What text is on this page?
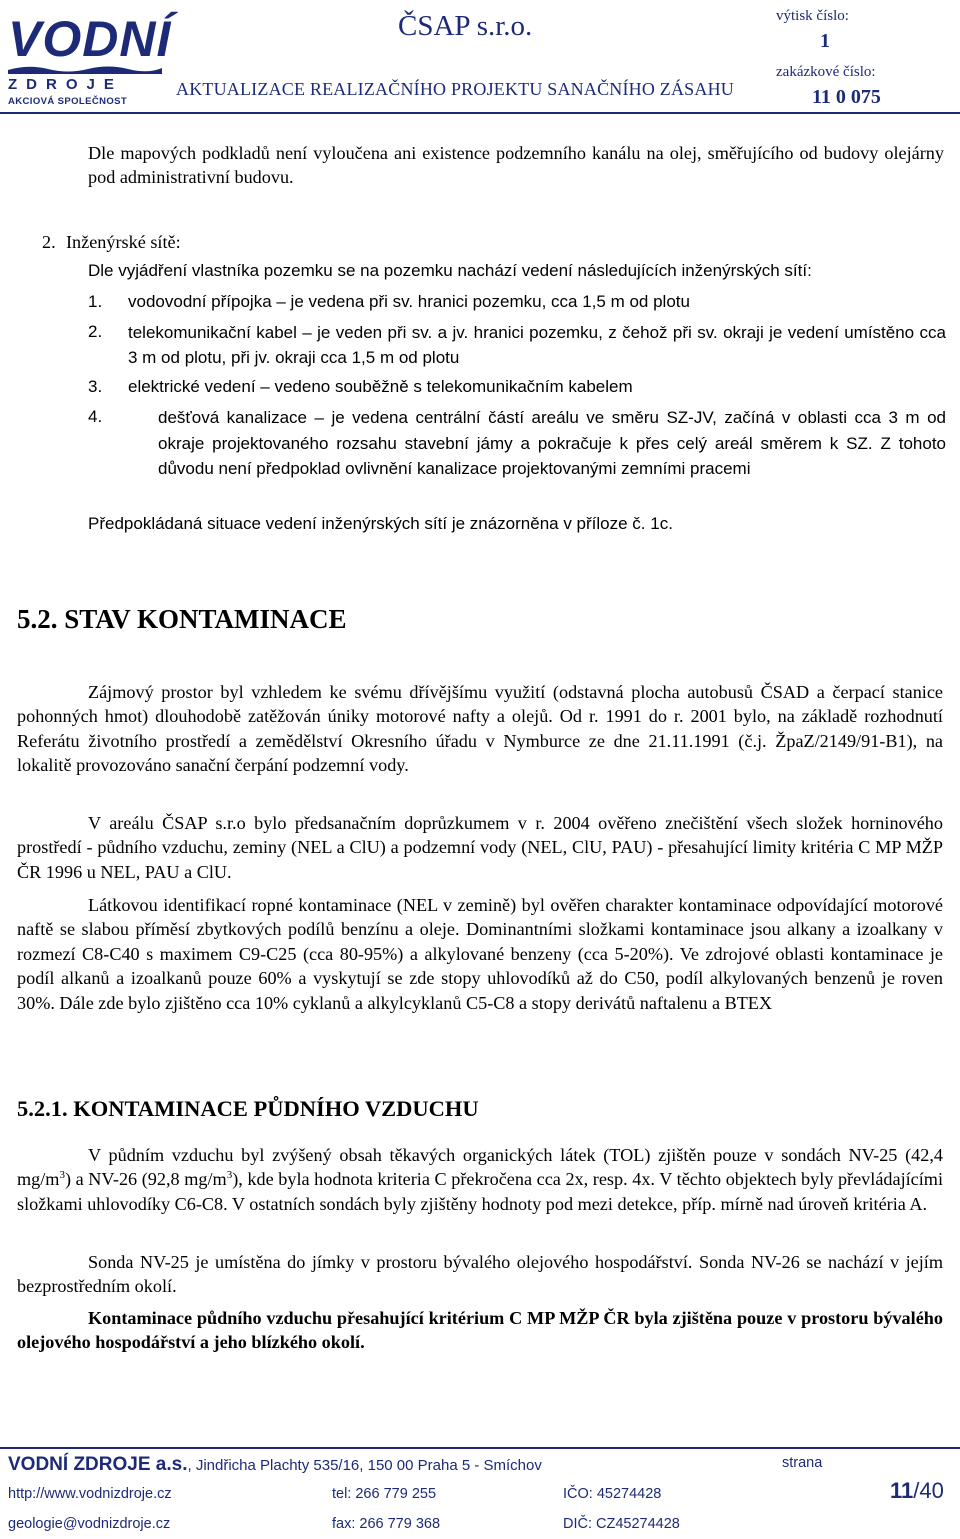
VODNÍ
ZDROJE
AKCIOVÁ SPOLEČNOST
ČSAP s.r.o.
AKTUALIZACE REALIZAČNÍHO PROJEKTU SANAČNÍHO ZÁSAHU
výtisk číslo:
1
zakázkové číslo:
11 0 075
Dle mapových podkladů není vyloučena ani existence podzemního kanálu na olej, směřujícího od budovy olejárny pod administrativní budovu.
2. Inženýrské sítě:
Dle vyjádření vlastníka pozemku se na pozemku nachází vedení následujících inženýrských sítí:
1. vodovodní přípojka – je vedena při sv. hranici pozemku, cca 1,5 m od plotu
2. telekomunikační kabel – je veden při sv. a jv. hranici pozemku, z čehož při sv. okraji je vedení umístěno cca 3 m od plotu, při jv. okraji cca 1,5 m od plotu
3. elektrické vedení – vedeno souběžně s telekomunikačním kabelem
4.	dešťová kanalizace – je vedena centrální částí areálu ve směru SZ-JV, začíná v oblasti cca 3 m od okraje projektovaného rozsahu stavební jámy a pokračuje k přes celý areál směrem k SZ. Z tohoto důvodu není předpoklad ovlivnění kanalizace projektovanými zemními pracemi
Předpokládaná situace vedení inženýrských sítí je znázorněna v příloze č. 1c.
5.2. STAV KONTAMINACE
Zájmový prostor byl vzhledem ke svému dřívějšímu využití (odstavná plocha autobusů ČSAD a čerpací stanice pohonných hmot) dlouhodobě zatěžován úniky motorové nafty a olejů. Od r. 1991 do r. 2001 bylo, na základě rozhodnutí Referátu životního prostředí a zemědělství Okresního úřadu v Nymburce ze dne 21.11.1991 (č.j. ŽpaZ/2149/91-B1), na lokalitě provozováno sanační čerpání podzemní vody.
V areálu ČSAP s.r.o bylo předsanačním doprůzkumem v r. 2004 ověřeno znečištění všech složek horninového prostředí - půdního vzduchu, zeminy (NEL a ClU) a podzemní vody (NEL, ClU, PAU) - přesahující limity kritéria C MP MŽP ČR 1996 u NEL, PAU a ClU.
Látkovou identifikací ropné kontaminace (NEL v zemině) byl ověřen charakter kontaminace odpovídající motorové naftě se slabou příměsí zbytkových podílů benzínu a oleje. Dominantními složkami kontaminace jsou alkany a izoalkany v rozmezí C8-C40 s maximem C9-C25 (cca 80-95%) a alkylované benzeny (cca 5-20%). Ve zdrojové oblasti kontaminace je podíl alkanů a izoalkanů pouze 60% a vyskytují se zde stopy uhlovodíků až do C50, podíl alkylovaných benzenů je roven 30%. Dále zde bylo zjištěno cca 10% cyklanů a alkylcyklanů C5-C8 a stopy derivátů naftalenu a BTEX
5.2.1. KONTAMINACE PŮDNÍHO VZDUCHU
V půdním vzduchu byl zvýšený obsah těkavých organických látek (TOL) zjištěn pouze v sondách NV-25 (42,4 $mg/m^3$) a NV-26 (92,8 $mg/m^3$), kde byla hodnota kriteria C překročena cca 2x, resp. 4x. V těchto objektech byly převládajícími složkami uhlovodíky C6-C8. V ostatních sondách byly zjištěny hodnoty pod mezi detekce, příp. mírně nad úroveň kritéria A.
Sonda NV-25 je umístěna do jímky v prostoru bývalého olejového hospodářství. Sonda NV-26 se nachází v jejím bezprostředním okolí.
Kontaminace půdního vzduchu přesahující kritérium C MP MŽP ČR byla zjištěna pouze v prostoru bývalého olejového hospodářství a jeho blízkého okolí.
VODNÍ ZDROJE a.s., Jindřicha Plachty 535/16, 150 00 Praha 5 - Smíchov
http://www.vodnizdroje.cz	tel: 266 779 255	IČO: 45274428
geologie@vodnizdroje.cz	fax: 266 779 368	DIČ: CZ45274428
strana
11/40
